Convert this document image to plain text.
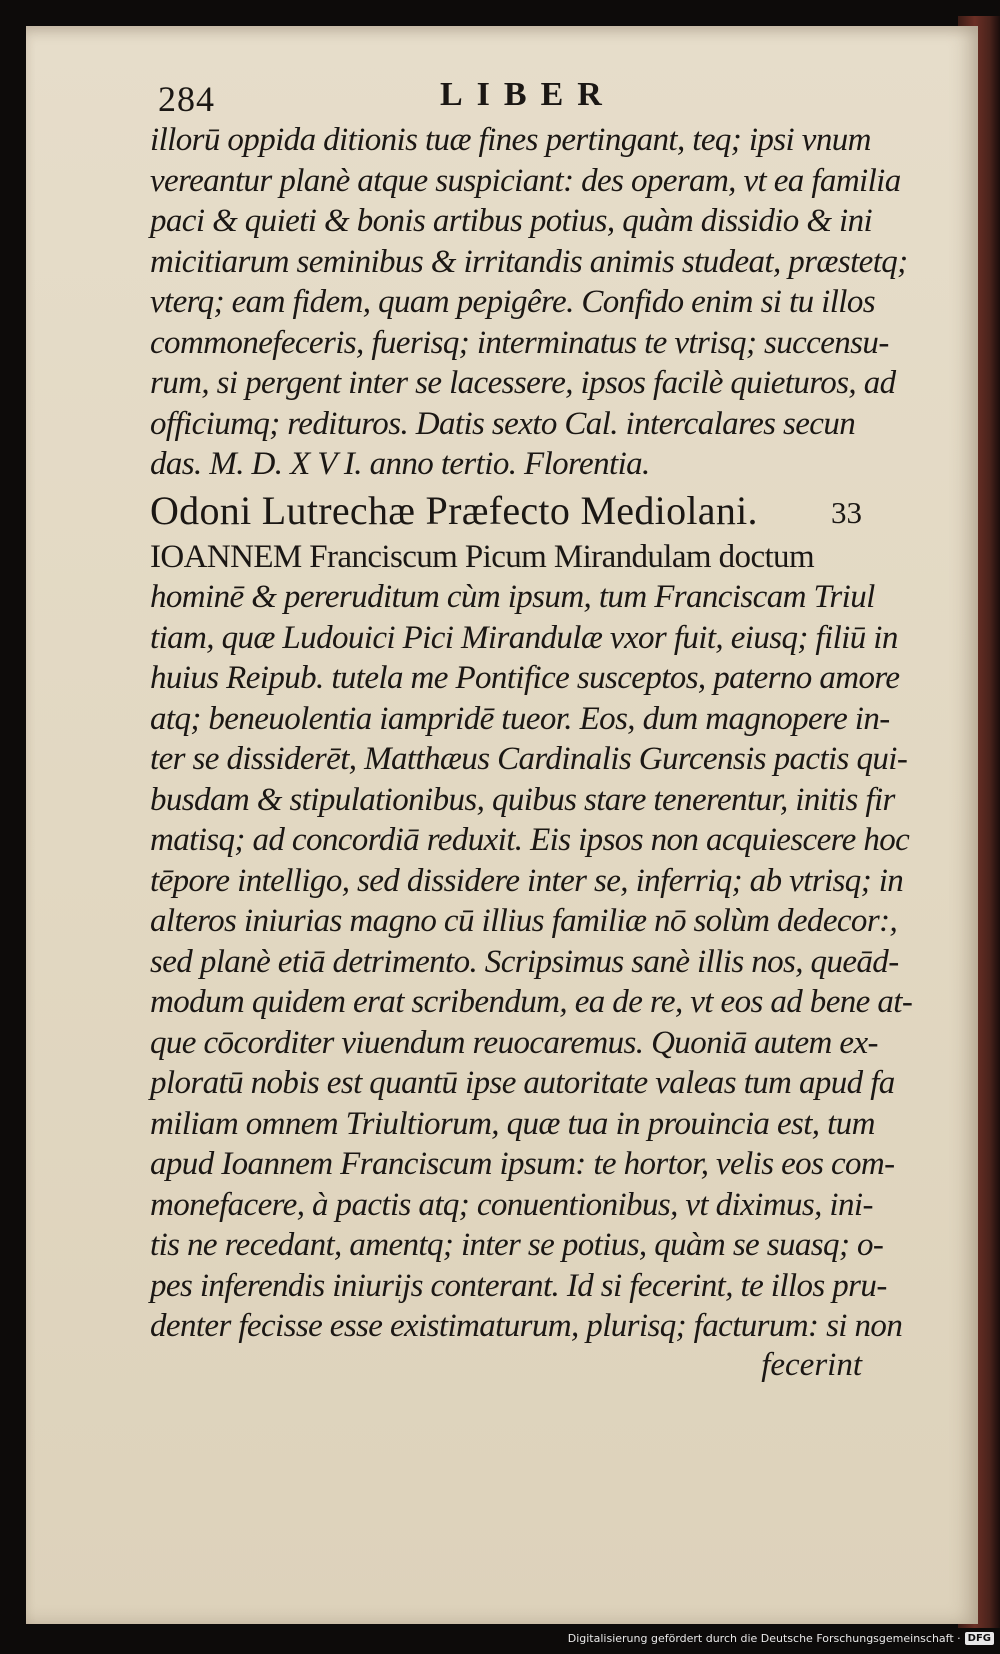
284	LIBER
illorū oppida ditionis tuæ fines pertingant, teq; ipsi vnum
vereantur planè atque suspiciant: des operam, vt ea familia
paci & quieti & bonis artibus potius, quàm dissidio & ini
micitiarum seminibus & irritandis animis studeat, præstetq;
vterq; eam fidem, quam pepigêre. Confido enim si tu illos
commonefeceris, fuerisq; interminatus te vtrisq; succensu-
rum, si pergent inter se lacessere, ipsos facilè quieturos, ad
officiumq; redituros. Datis sexto Cal. intercalares secun
das. M. D. X V I. anno tertio. Florentia.
Odoni Lutrechæ Præfecto Mediolani. 33
IOANNEM Franciscum Picum Mirandulam doctum
hominē & pereruditum cùm ipsum, tum Franciscam Triul
tiam, quæ Ludouici Pici Mirandulæ vxor fuit, eiusq; filiū in
huius Reipub. tutela me Pontifice susceptos, paterno amore
atq; beneuolentia iampridē tueor. Eos, dum magnopere in-
ter se dissiderēt, Matthæus Cardinalis Gurcensis pactis qui-
busdam & stipulationibus, quibus stare tenerentur, initis fir
matisq; ad concordiā reduxit. Eis ipsos non acquiescere hoc
tēpore intelligo, sed dissidere inter se, inferriq; ab vtrisq; in
alteros iniurias magno cū illius familiæ nō solùm dedecor:,
sed planè etiā detrimento. Scripsimus sanè illis nos, queād-
modum quidem erat scribendum, ea de re, vt eos ad bene at-
que cōcorditer viuendum reuocaremus. Quoniā autem ex-
ploratū nobis est quantū ipse autoritate valeas tum apud fa
miliam omnem Triultiorum, quæ tua in prouincia est, tum
apud Ioannem Franciscum ipsum: te hortor, velis eos com-
monefacere, à pactis atq; conuentionibus, vt diximus, ini-
tis ne recedant, amentq; inter se potius, quàm se suasq; o-
pes inferendis iniurijs conterant. Id si fecerint, te illos pru-
denter fecisse esse existimaturum, plurisq; facturum: si non
fecerint
Digitalisierung gefördert durch die Deutsche Forschungsgemeinschaft · DFG
